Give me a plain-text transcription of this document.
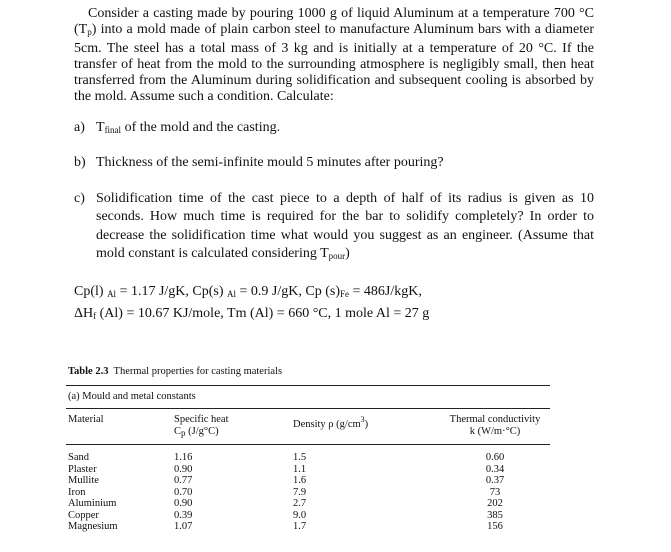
Consider a casting made by pouring 1000 g of liquid Aluminum at a temperature 700 °C $(T_p)$ into a mold made of plain carbon steel to manufacture Aluminum bars with a diameter 5cm. The steel has a total mass of 3 kg and is initially at a temperature of 20 °C. If the transfer of heat from the mold to the surrounding atmosphere is negligibly small, then heat transferred from the Aluminum during solidification and subsequent cooling is absorbed by the mold. Assume such a condition. Calculate:

a) $T_{final}$ of the mold and the casting.
b) Thickness of the semi-infinite mould 5 minutes after pouring?
c) Solidification time of the cast piece to a depth of half of its radius is given as 10 seconds. How much time is required for the bar to solidify completely? In order to decrease the solidification time what would you suggest as an engineer. (Assume that mold constant is calculated considering $T_{pour}$)
Cp(l) $_{Al}$ = 1.17 J/gK, Cp(s) $_{Al}$ = 0.9 J/gK, Cp $(s)_{Fe} = 486J/kgK$,
$\Delta H_f$ (Al) = 10.67 KJ/mole, Tm (Al) = 660 °C, 1 mole Al = 27 g
Table 2.3 Thermal properties for casting materials
(a) Mould and metal constants
Material	Specific heat
$C_p$ (J/g°C)
Density ρ $(g/cm^3)$	Thermal conductivity
k (W/m·°C)
Sand
Plaster
Mullite
Iron
Aluminium
Copper
Magnesium
1.16
0.90
0.77
0.70
0.90
0.39
1.07
1.5
1.1
1.6
7.9
2.7
9.0
1.7
0.60
0.34
0.37
73
202
385
156
